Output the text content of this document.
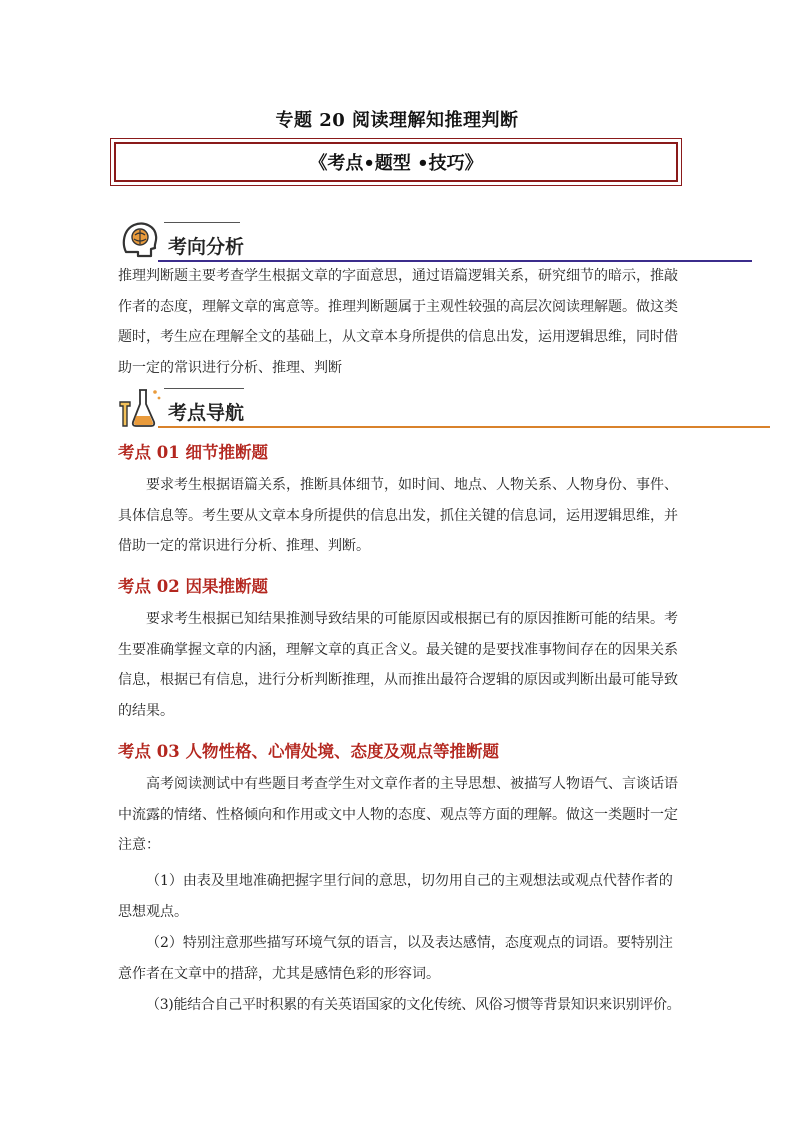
专题 20 阅读理解知推理判断
《考点•题型 •技巧》
考向分析
推理判断题主要考查学生根据文章的字面意思，通过语篇逻辑关系，研究细节的暗示，推敲
作者的态度，理解文章的寓意等。推理判断题属于主观性较强的高层次阅读理解题。做这类
题时，考生应在理解全文的基础上，从文章本身所提供的信息出发，运用逻辑思维，同时借
助一定的常识进行分析、推理、判断
考点导航
考点 01 细节推断题
要求考生根据语篇关系，推断具体细节，如时间、地点、人物关系、人物身份、事件、
具体信息等。考生要从文章本身所提供的信息出发，抓住关键的信息词，运用逻辑思维，并
借助一定的常识进行分析、推理、判断。
考点 02 因果推断题
要求考生根据已知结果推测导致结果的可能原因或根据已有的原因推断可能的结果。考
生要准确掌握文章的内涵，理解文章的真正含义。最关键的是要找准事物间存在的因果关系
信息，根据已有信息，进行分析判断推理，从而推出最符合逻辑的原因或判断出最可能导致
的结果。
考点 03 人物性格、心情处境、态度及观点等推断题
高考阅读测试中有些题目考查学生对文章作者的主导思想、被描写人物语气、言谈话语
中流露的情绪、性格倾向和作用或文中人物的态度、观点等方面的理解。做这一类题时一定
注意：
（1）由表及里地准确把握字里行间的意思，切勿用自己的主观想法或观点代替作者的
思想观点。
（2）特别注意那些描写环境气氛的语言，以及表达感情，态度观点的词语。要特别注
意作者在文章中的措辞，尤其是感情色彩的形容词。
（3)能结合自己平时积累的有关英语国家的文化传统、风俗习惯等背景知识来识别评价。
